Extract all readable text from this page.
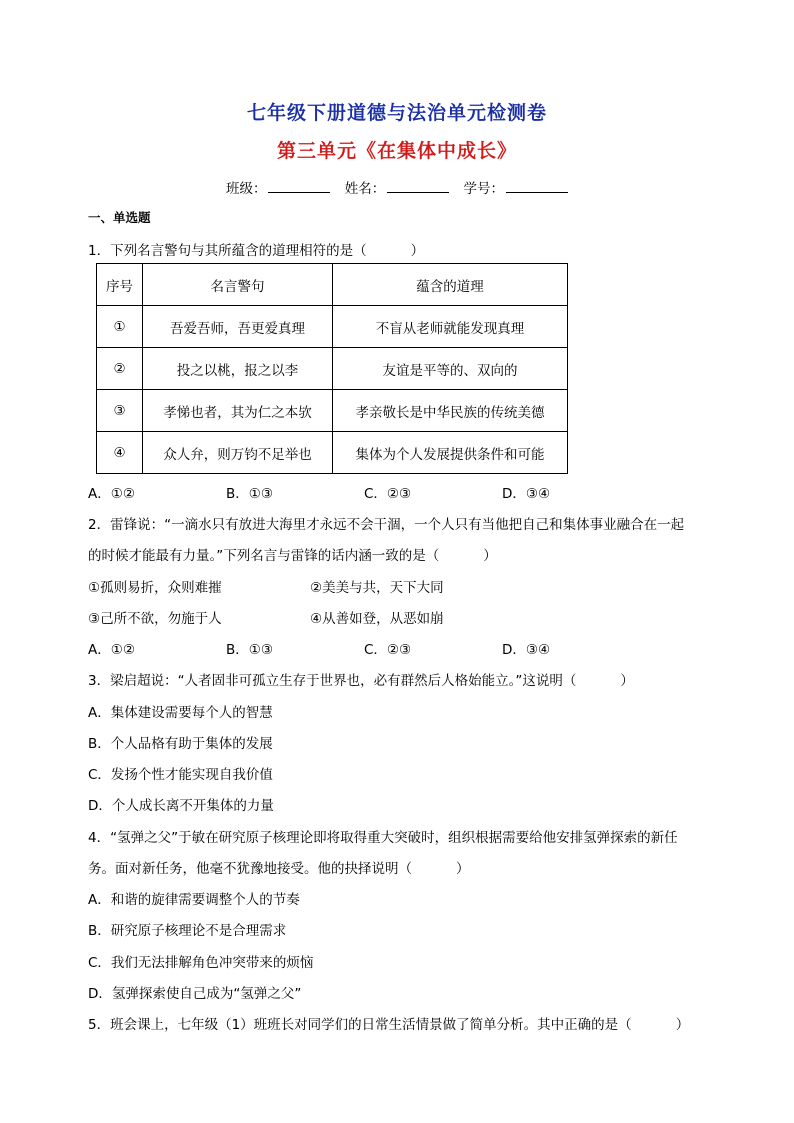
七年级下册道德与法治单元检测卷
第三单元《在集体中成长》
班级：	姓名：	学号：
一、单选题
1．下列名言警句与其所蕴含的道理相符的是（	）
序号	名言警句	蕴含的道理
①	吾爱吾师，吾更爱真理	不盲从老师就能发现真理
②	投之以桃，报之以李	友谊是平等的、双向的
③	孝悌也者，其为仁之本欤	孝亲敬长是中华民族的传统美德
④	众人弁，则万钧不足举也	集体为个人发展提供条件和可能
A．①②	B．①③	C．②③	D．③④
2．雷锋说：“一滴水只有放进大海里才永远不会干涸，一个人只有当他把自己和集体事业融合在一起
的时候才能最有力量。”下列名言与雷锋的话内涵一致的是（	）
①孤则易折，众则难摧	②美美与共，天下大同
③己所不欲，勿施于人	④从善如登，从恶如崩
A．①②	B．①③	C．②③	D．③④
3．梁启超说：“人者固非可孤立生存于世界也，必有群然后人格始能立。”这说明（	）
A．集体建设需要每个人的智慧
B．个人品格有助于集体的发展
C．发扬个性才能实现自我价值
D．个人成长离不开集体的力量
4．“氢弹之父”于敏在研究原子核理论即将取得重大突破时，组织根据需要给他安排氢弹探索的新任
务。面对新任务，他毫不犹豫地接受。他的抉择说明（	）
A．和谐的旋律需要调整个人的节奏
B．研究原子核理论不是合理需求
C．我们无法排解角色冲突带来的烦恼
D．氢弹探索使自己成为“氢弹之父”
5．班会课上，七年级（1）班班长对同学们的日常生活情景做了简单分析。其中正确的是（	）
